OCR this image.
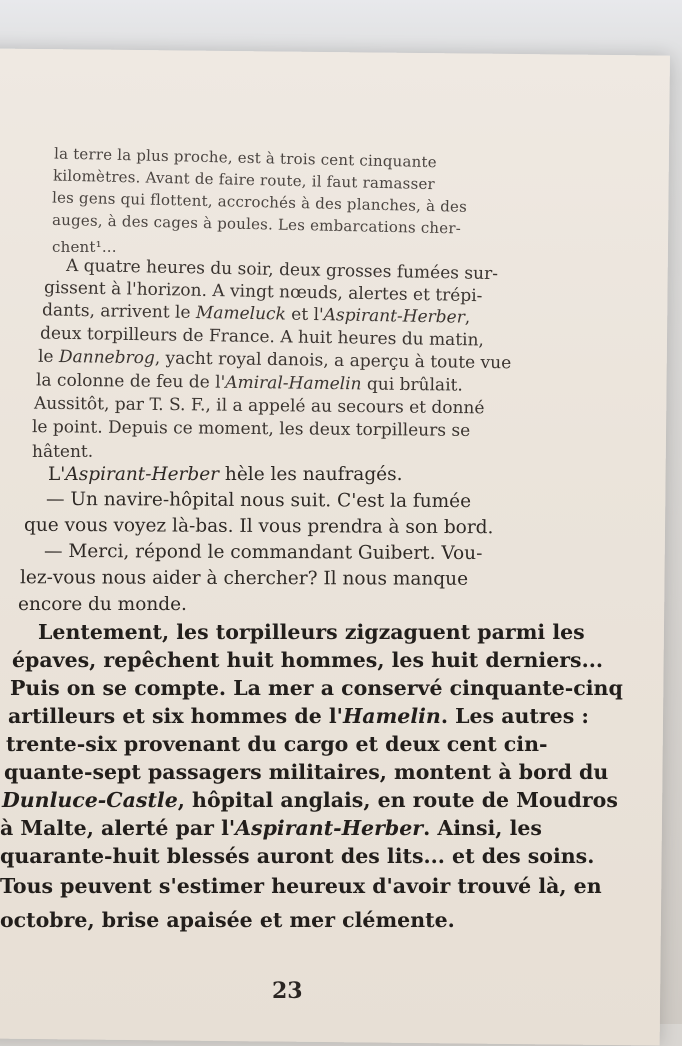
la terre la plus proche, est à trois cent cinquante

kilomètres. Avant de faire route, il faut ramasser

les gens qui flottent, accrochés à des planches, à des

auges, à des cages à poules. Les embarcations cher-

chent¹...

A quatre heures du soir, deux grosses fumées sur-

gissent à l'horizon. A vingt nœuds, alertes et trépi-

dants, arrivent le Mameluck et l'Aspirant-Herber,

deux torpilleurs de France. A huit heures du matin,

le Dannebrog, yacht royal danois, a aperçu à toute vue

la colonne de feu de l'Amiral-Hamelin qui brûlait.

Aussitôt, par T. S. F., il a appelé au secours et donné

le point. Depuis ce moment, les deux torpilleurs se

hâtent.

L'Aspirant-Herber hèle les naufragés.

— Un navire-hôpital nous suit. C'est la fumée

que vous voyez là-bas. Il vous prendra à son bord.

— Merci, répond le commandant Guibert. Vou-

lez-vous nous aider à chercher? Il nous manque

encore du monde.

Lentement, les torpilleurs zigzaguent parmi les

épaves, repêchent huit hommes, les huit derniers...

Puis on se compte. La mer a conservé cinquante-cinq

artilleurs et six hommes de l'Hamelin. Les autres :

trente-six provenant du cargo et deux cent cin-

quante-sept passagers militaires, montent à bord du

Dunluce-Castle, hôpital anglais, en route de Moudros

à Malte, alerté par l'Aspirant-Herber. Ainsi, les

quarante-huit blessés auront des lits... et des soins.

Tous peuvent s'estimer heureux d'avoir trouvé là, en

octobre, brise apaisée et mer clémente.

23
